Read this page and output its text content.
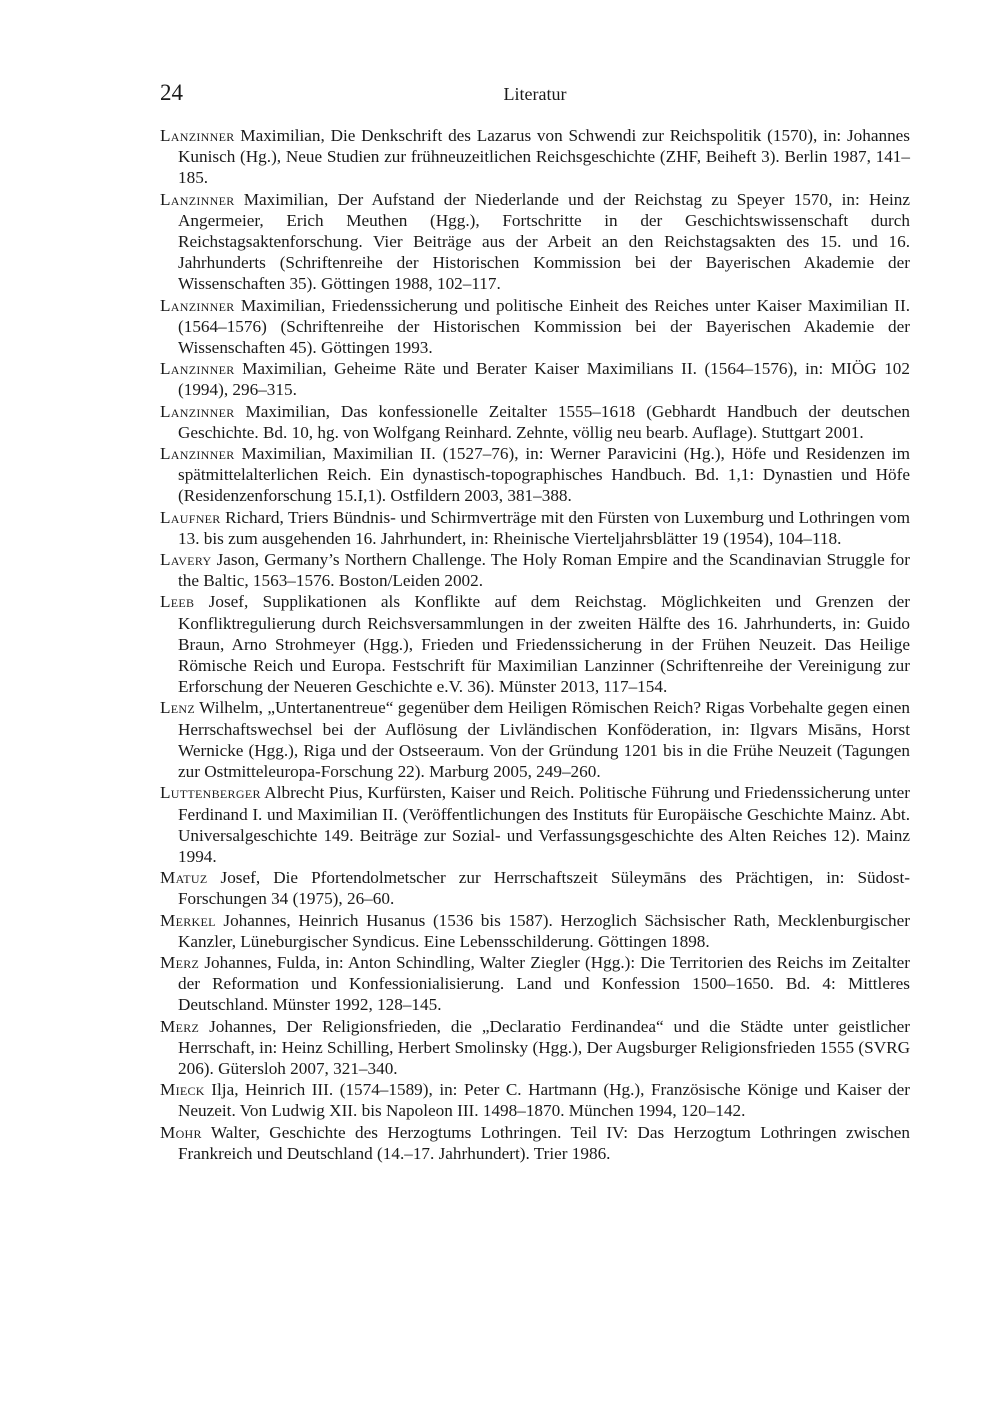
24	Literatur

Lanzinner Maximilian, Die Denkschrift des Lazarus von Schwendi zur Reichspolitik (1570), in: Johannes Kunisch (Hg.), Neue Studien zur frühneuzeitlichen Reichsgeschichte (ZHF, Beiheft 3). Berlin 1987, 141–185.

Lanzinner Maximilian, Der Aufstand der Niederlande und der Reichstag zu Speyer 1570, in: Heinz Angermeier, Erich Meuthen (Hgg.), Fortschritte in der Geschichtswissenschaft durch Reichstagsaktenforschung. Vier Beiträge aus der Arbeit an den Reichstagsakten des 15. und 16. Jahrhunderts (Schriftenreihe der Historischen Kommission bei der Bayerischen Akademie der Wissenschaften 35). Göttingen 1988, 102–117.

Lanzinner Maximilian, Friedenssicherung und politische Einheit des Reiches unter Kaiser Maximilian II. (1564–1576) (Schriftenreihe der Historischen Kommission bei der Bayerischen Akademie der Wissenschaften 45). Göttingen 1993.

Lanzinner Maximilian, Geheime Räte und Berater Kaiser Maximilians II. (1564–1576), in: MIÖG 102 (1994), 296–315.

Lanzinner Maximilian, Das konfessionelle Zeitalter 1555–1618 (Gebhardt Handbuch der deutschen Geschichte. Bd. 10, hg. von Wolfgang Reinhard. Zehnte, völlig neu bearb. Auflage). Stuttgart 2001.

Lanzinner Maximilian, Maximilian II. (1527–76), in: Werner Paravicini (Hg.), Höfe und Residenzen im spätmittelalterlichen Reich. Ein dynastisch-topographisches Handbuch. Bd. 1,1: Dynastien und Höfe (Residenzenforschung 15.I,1). Ostfildern 2003, 381–388.

Laufner Richard, Triers Bündnis- und Schirmverträge mit den Fürsten von Luxemburg und Lothringen vom 13. bis zum ausgehenden 16. Jahrhundert, in: Rheinische Vierteljahrsblätter 19 (1954), 104–118.

Lavery Jason, Germany’s Northern Challenge. The Holy Roman Empire and the Scandinavian Struggle for the Baltic, 1563–1576. Boston/Leiden 2002.

Leeb Josef, Supplikationen als Konflikte auf dem Reichstag. Möglichkeiten und Grenzen der Konfliktregulierung durch Reichsversammlungen in der zweiten Hälfte des 16. Jahrhunderts, in: Guido Braun, Arno Strohmeyer (Hgg.), Frieden und Friedenssicherung in der Frühen Neuzeit. Das Heilige Römische Reich und Europa. Festschrift für Maximilian Lanzinner (Schriftenreihe der Vereinigung zur Erforschung der Neueren Geschichte e.V. 36). Münster 2013, 117–154.

Lenz Wilhelm, „Untertanentreue“ gegenüber dem Heiligen Römischen Reich? Rigas Vorbehalte gegen einen Herrschaftswechsel bei der Auflösung der Livländischen Konföderation, in: Ilgvars Misāns, Horst Wernicke (Hgg.), Riga und der Ostseeraum. Von der Gründung 1201 bis in die Frühe Neuzeit (Tagungen zur Ostmitteleuropa-Forschung 22). Marburg 2005, 249–260.

Luttenberger Albrecht Pius, Kurfürsten, Kaiser und Reich. Politische Führung und Friedenssicherung unter Ferdinand I. und Maximilian II. (Veröffentlichungen des Instituts für Europäische Geschichte Mainz. Abt. Universalgeschichte 149. Beiträge zur Sozial- und Verfassungsgeschichte des Alten Reiches 12). Mainz 1994.

Matuz Josef, Die Pfortendolmetscher zur Herrschaftszeit Süleymāns des Prächtigen, in: Südost-Forschungen 34 (1975), 26–60.

Merkel Johannes, Heinrich Husanus (1536 bis 1587). Herzoglich Sächsischer Rath, Mecklenburgischer Kanzler, Lüneburgischer Syndicus. Eine Lebensschilderung. Göttingen 1898.

Merz Johannes, Fulda, in: Anton Schindling, Walter Ziegler (Hgg.): Die Territorien des Reichs im Zeitalter der Reformation und Konfessionialisierung. Land und Konfession 1500–1650. Bd. 4: Mittleres Deutschland. Münster 1992, 128–145.

Merz Johannes, Der Religionsfrieden, die „Declaratio Ferdinandea“ und die Städte unter geistlicher Herrschaft, in: Heinz Schilling, Herbert Smolinsky (Hgg.), Der Augsburger Religionsfrieden 1555 (SVRG 206). Gütersloh 2007, 321–340.

Mieck Ilja, Heinrich III. (1574–1589), in: Peter C. Hartmann (Hg.), Französische Könige und Kaiser der Neuzeit. Von Ludwig XII. bis Napoleon III. 1498–1870. München 1994, 120–142.

Mohr Walter, Geschichte des Herzogtums Lothringen. Teil IV: Das Herzogtum Lothringen zwischen Frankreich und Deutschland (14.–17. Jahrhundert). Trier 1986.
